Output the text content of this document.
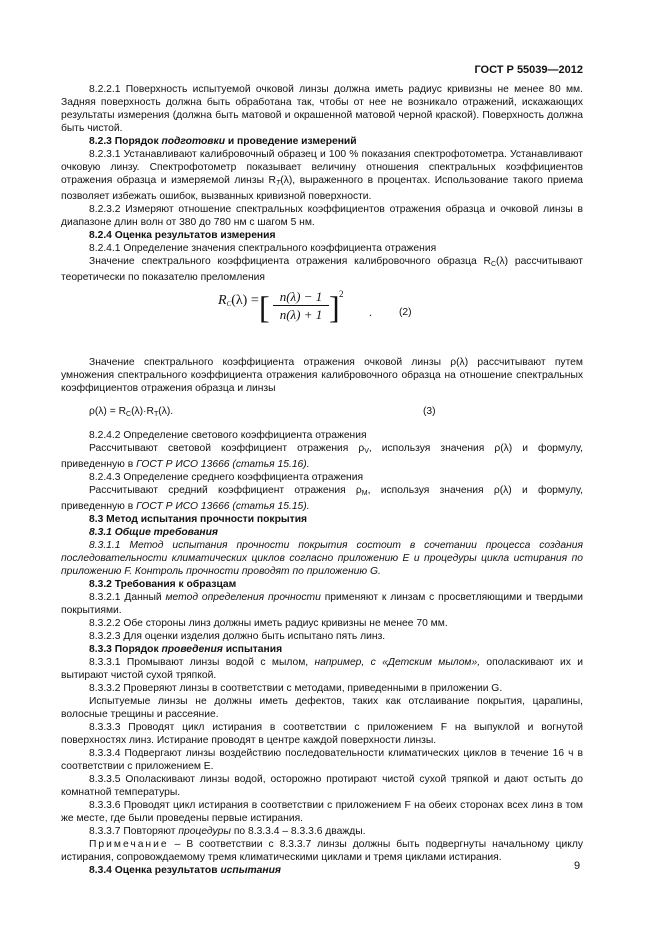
ГОСТ Р 55039—2012

8.2.2.1 Поверхность испытуемой очковой линзы должна иметь радиус кривизны не менее 80 мм. Задняя поверхность должна быть обработана так, чтобы от нее не возникало отражений, искажающих результаты измерения (должна быть матовой и окрашенной матовой черной краской). Поверхность должна быть чистой.

8.2.3 Порядок подготовки и проведение измерений

8.2.3.1 Устанавливают калибровочный образец и 100 % показания спектрофотометра. Устанавливают очковую линзу. Спектрофотометр показывает величину отношения спектральных коэффициентов отражения образца и измеряемой линзы $R_T(\lambda)$, выраженного в процентах. Использование такого приема позволяет избежать ошибок, вызванных кривизной поверхности.

8.2.3.2 Измеряют отношение спектральных коэффициентов отражения образца и очковой линзы в диапазоне длин волн от 380 до 780 нм с шагом 5 нм.

8.2.4 Оценка результатов измерения

8.2.4.1 Определение значения спектрального коэффициента отражения

Значение спектрального коэффициента отражения калибровочного образца $R_C(\lambda)$ рассчитывают теоретически по показателю преломления

$R_C(\lambda)$ = [ $\frac{n(\lambda) - 1}{n(\lambda) + 1}$ ] 2
.	(2)

Значение спектрального коэффициента отражения очковой линзы ρ(λ) рассчитывают путем умножения спектрального коэффициента отражения калибровочного образца на отношение спектральных коэффициентов отражения образца и линзы

$\rho(\lambda) = R_C(\lambda)\cdot R_T(\lambda)$.	(3)

8.2.4.2 Определение светового коэффициента отражения

Рассчитывают световой коэффициент отражения $\rho_V$, используя значения ρ(λ) и формулу, приведенную в ГОСТ Р ИСО 13666 (статья 15.16).

8.2.4.3 Определение среднего коэффициента отражения

Рассчитывают средний коэффициент отражения $\rho_M$, используя значения ρ(λ) и формулу, приведенную в ГОСТ Р ИСО 13666 (статья 15.15).

8.3 Метод испытания прочности покрытия

8.3.1 Общие требования

8.3.1.1 Метод испытания прочности покрытия состоит в сочетании процесса создания последовательности климатических циклов согласно приложению E и процедуры цикла истирания по приложению F. Контроль прочности проводят по приложению G.

8.3.2 Требования к образцам

8.3.2.1 Данный метод определения прочности применяют к линзам с просветляющими и твердыми покрытиями.

8.3.2.2 Обе стороны линз должны иметь радиус кривизны не менее 70 мм.

8.3.2.3 Для оценки изделия должно быть испытано пять линз.

8.3.3 Порядок проведения испытания

8.3.3.1 Промывают линзы водой с мылом, например, с «Детским мылом», ополаскивают их и вытирают чистой сухой тряпкой.

8.3.3.2 Проверяют линзы в соответствии с методами, приведенными в приложении G.

Испытуемые линзы не должны иметь дефектов, таких как отслаивание покрытия, царапины, волосные трещины и рассеяние.

8.3.3.3 Проводят цикл истирания в соответствии с приложением F на выпуклой и вогнутой поверхностях линз. Истирание проводят в центре каждой поверхности линзы.

8.3.3.4 Подвергают линзы воздействию последовательности климатических циклов в течение 16 ч в соответствии с приложением E.

8.3.3.5 Ополаскивают линзы водой, осторожно протирают чистой сухой тряпкой и дают остыть до комнатной температуры.

8.3.3.6 Проводят цикл истирания в соответствии с приложением F на обеих сторонах всех линз в том же месте, где были проведены первые истирания.

8.3.3.7 Повторяют процедуры по 8.3.3.4 – 8.3.3.6 дважды.

Примечание – В соответствии с 8.3.3.7 линзы должны быть подвергнуты начальному циклу истирания, сопровождаемому тремя климатическими циклами и тремя циклами истирания.

8.3.4 Оценка результатов испытания	9
